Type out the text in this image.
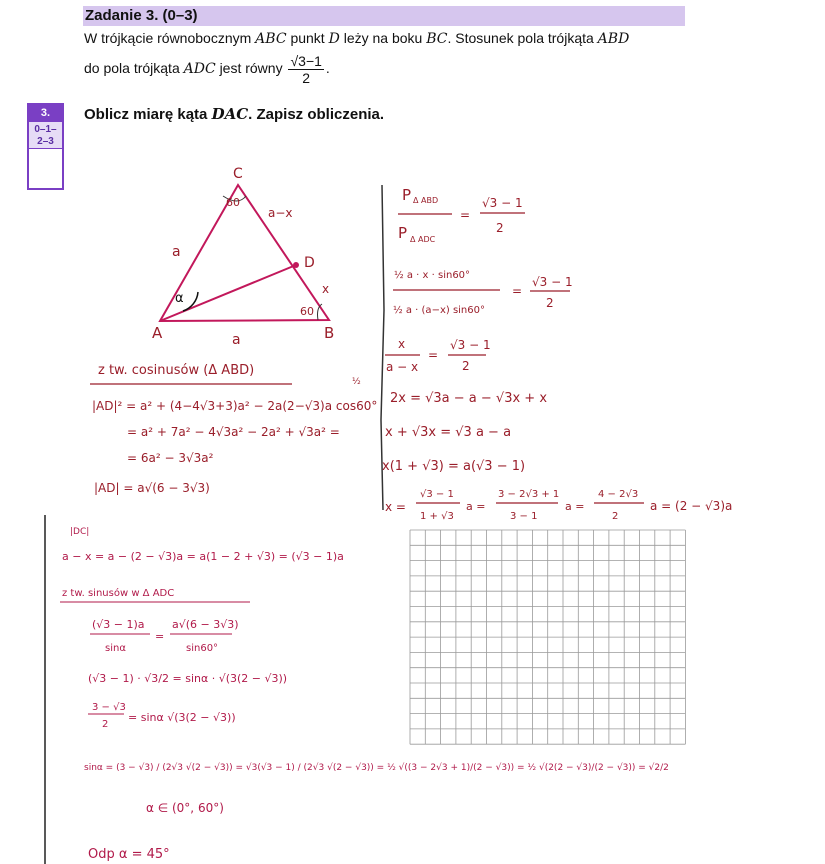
Zadanie 3. (0–3)
W trójkącie równobocznym ABC punkt D leży na boku BC. Stosunek pola trójkąta ABD
do pola trójkąta ADC jest równy $\frac{√3-1}{2}$ .
3.
0–1–
2–3
Oblicz miarę kąta DAC. Zapisz obliczenia.
C
A	B
D
60
60
a
a
a−x
x
α
P Δ ABD
P Δ ADC
=
√3 − 1
2
½ a · x · sin60°
½ a · (a−x) sin60°
=
√3 − 1
2
x
a − x
=
√3 − 1
2
2x = √3a − a − √3x + x
x + √3x = √3 a − a
x(1 + √3) = a(√3 − 1)
x =
√3 − 1
1 + √3
a =
3 − 2√3 + 1
3 − 1
a =
4 − 2√3
2
a = (2 − √3)a
z tw. cosinusów (Δ ABD)
½
|AD|² = a² + (4−4√3+3)a² − 2a(2−√3)a cos60°
= a² + 7a² − 4√3a² − 2a² + √3a² =
= 6a² − 3√3a²
|AD| = a√(6 − 3√3)
|DC|
a − x = a − (2 − √3)a = a(1 − 2 + √3) = (√3 − 1)a
z tw. sinusów w Δ ADC
(√3 − 1)a
sinα
=
a√(6 − 3√3)
sin60°
(√3 − 1) · √3/2 = sinα · √(3(2 − √3))
3 − √3
2
= sinα √(3(2 − √3))
sinα = (3 − √3) / (2√3 √(2 − √3)) = √3(√3 − 1) / (2√3 √(2 − √3)) = ½ √((3 − 2√3 + 1)/(2 − √3)) = ½ √(2(2 − √3)/(2 − √3)) = √2/2
α ∈ (0°, 60°)
Odp α = 45°
